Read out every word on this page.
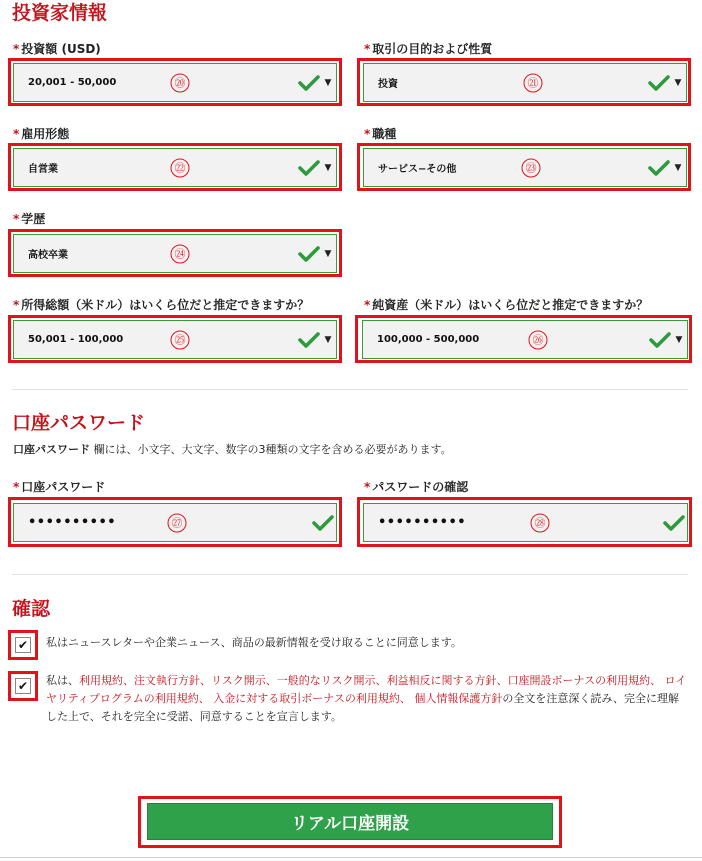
投資家情報
* 投資額 (USD)
20,001 - 50,000	⑳	▼
* 取引の目的および性質
投資	㉑	▼
* 雇用形態
自営業	㉒	▼
* 職種
サービス−その他	㉓	▼
* 学歴
高校卒業	㉔	▼
* 所得総額（米ドル）はいくら位だと推定できますか？
50,001 - 100,000	㉕	▼
* 純資産（米ドル）はいくら位だと推定できますか？
100,000 - 500,000	㉖	▼
口座パスワード
口座パスワード 欄には、小文字、大文字、数字の3種類の文字を含める必要があります。
* 口座パスワード
••••••••••	㉗
* パスワードの確認
••••••••••	㉘
確認
✔ 私はニュースレターや企業ニュース、商品の最新情報を受け取ることに同意します。
✔ 私は、利用規約、注文執行方針、リスク開示、一般的なリスク開示、利益相反に関する方針、口座開設ボーナスの利用規約、 ロイヤリティプログラムの利用規約、 入金に対する取引ボーナスの利用規約、 個人情報保護方針の全文を注意深く読み、完全に理解した上で、それを完全に受諾、同意することを宣言します。
リアル口座開設
